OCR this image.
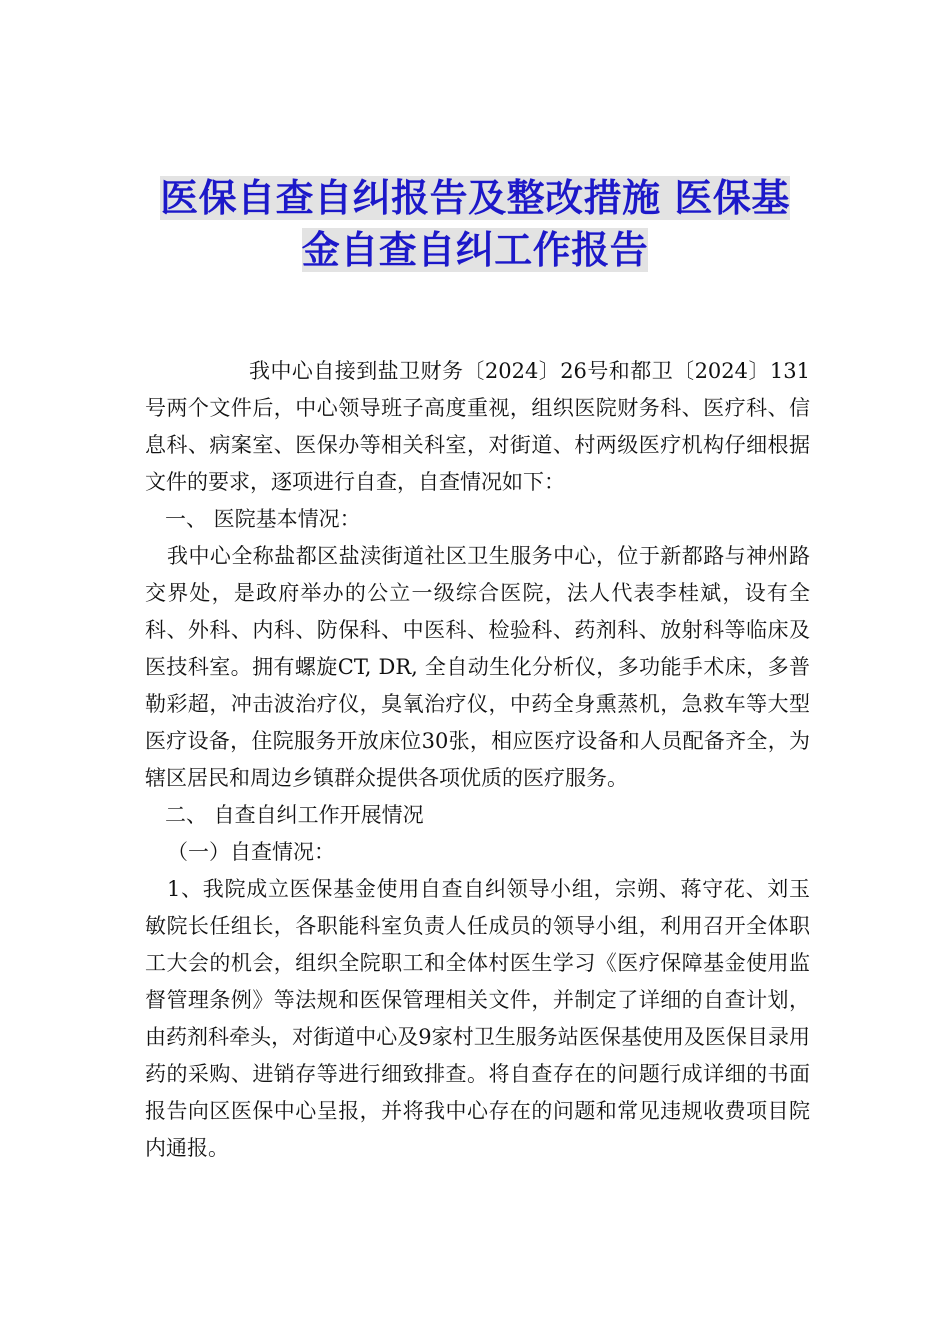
医保自查自纠报告及整改措施 医保基
金自查自纠工作报告

我中心自接到盐卫财务〔2024〕26号和都卫〔2024〕131号两个文件后，中心领导班子高度重视，组织医院财务科、医疗科、信息科、病案室、医保办等相关科室，对街道、村两级医疗机构仔细根据文件的要求，逐项进行自查，自查情况如下：

一、 医院基本情况：

我中心全称盐都区盐渎街道社区卫生服务中心，位于新都路与神州路交界处，是政府举办的公立一级综合医院，法人代表李桂斌，设有全科、外科、内科、防保科、中医科、检验科、药剂科、放射科等临床及医技科室。拥有螺旋CT, DR, 全自动生化分析仪，多功能手术床，多普勒彩超，冲击波治疗仪，臭氧治疗仪，中药全身熏蒸机，急救车等大型医疗设备，住院服务开放床位30张，相应医疗设备和人员配备齐全，为辖区居民和周边乡镇群众提供各项优质的医疗服务。

二、 自查自纠工作开展情况

（一）自查情况：

1、我院成立医保基金使用自查自纠领导小组，宗朔、蒋守花、刘玉敏院长任组长，各职能科室负责人任成员的领导小组，利用召开全体职工大会的机会，组织全院职工和全体村医生学习《医疗保障基金使用监督管理条例》等法规和医保管理相关文件，并制定了详细的自查计划，由药剂科牵头，对街道中心及9家村卫生服务站医保基使用及医保目录用药的采购、进销存等进行细致排查。将自查存在的问题行成详细的书面报告向区医保中心呈报，并将我中心存在的问题和常见违规收费项目院内通报。
